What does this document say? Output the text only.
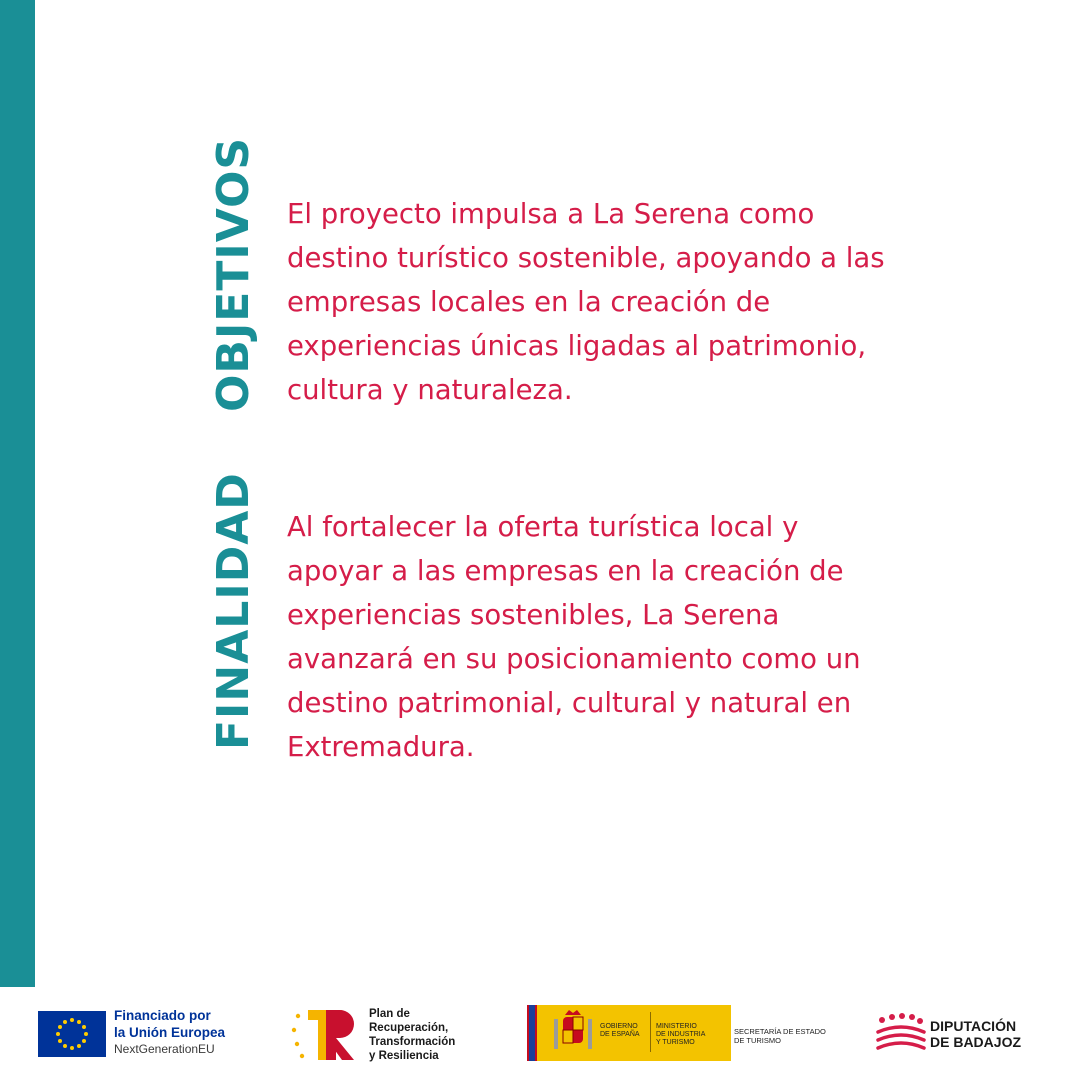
OBJETIVOS El proyecto impulsa a La Serena como destino turístico sostenible, apoyando a las empresas locales en la creación de experiencias únicas ligadas al patrimonio, cultura y naturaleza.

FINALIDAD Al fortalecer la oferta turística local y apoyar a las empresas en la creación de experiencias sostenibles, La Serena avanzará en su posicionamiento como un destino patrimonial, cultural y natural en Extremadura.

Financiado por
la Unión Europea
NextGenerationEU
Plan de
Recuperación,
Transformación
y Resiliencia
GOBIERNO
DE ESPAÑA
MINISTERIO
DE INDUSTRIA
Y TURISMO
SECRETARÍA DE ESTADO
DE TURISMO
DIPUTACIÓN
DE BADAJOZ
